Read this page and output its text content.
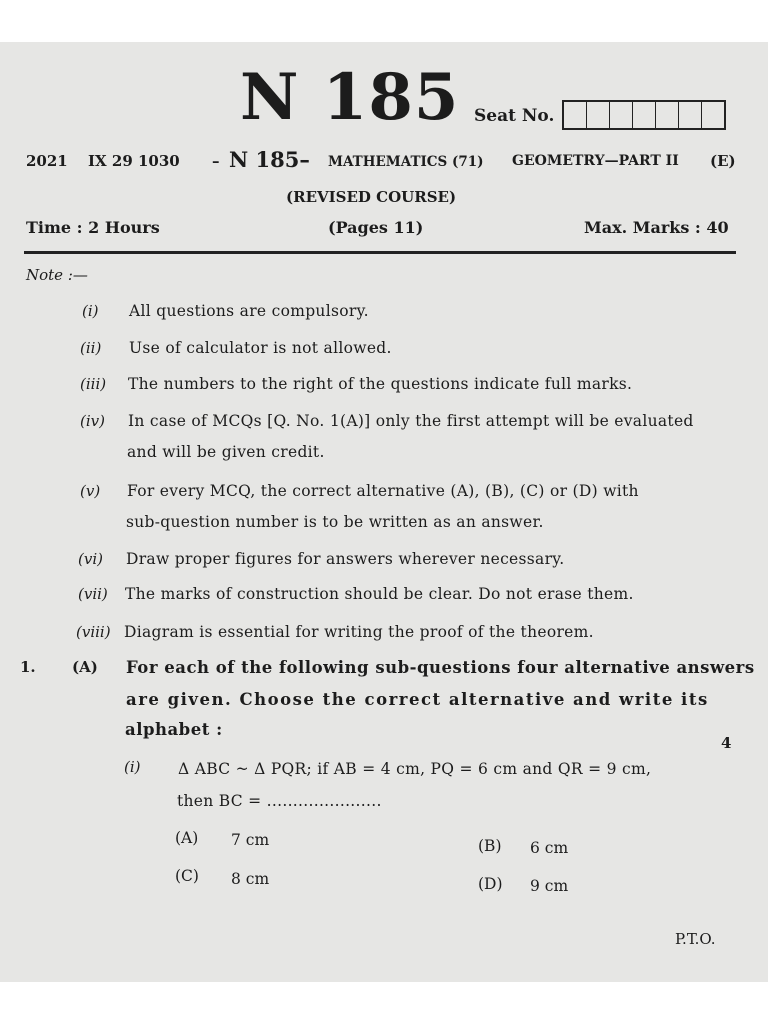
N 185 Seat No.
2021 IX 29 1030 – N 185– MATHEMATICS (71) GEOMETRY—PART II (E)
(REVISED COURSE)
Time : 2 Hours	(Pages 11)	Max. Marks : 40
Note :—
(i) All questions are compulsory.
(ii) Use of calculator is not allowed.
(iii) The numbers to the right of the questions indicate full marks.
(iv) In case of MCQs [Q. No. 1(A)] only the first attempt will be evaluated
and will be given credit.
(v) For every MCQ, the correct alternative (A), (B), (C) or (D) with
sub-question number is to be written as an answer.
(vi) Draw proper figures for answers wherever necessary.
(vii) The marks of construction should be clear. Do not erase them.
(viii) Diagram is essential for writing the proof of the theorem.
1. (A) For each of the following sub-questions four alternative answers
are given. Choose the correct alternative and write its
alphabet :
4
(i) Δ ABC ~ Δ PQR; if AB = 4 cm, PQ = 6 cm and QR = 9 cm,
then BC = ......................
(A) 7 cm	(B) 6 cm
(C) 8 cm	(D) 9 cm
P.T.O.
